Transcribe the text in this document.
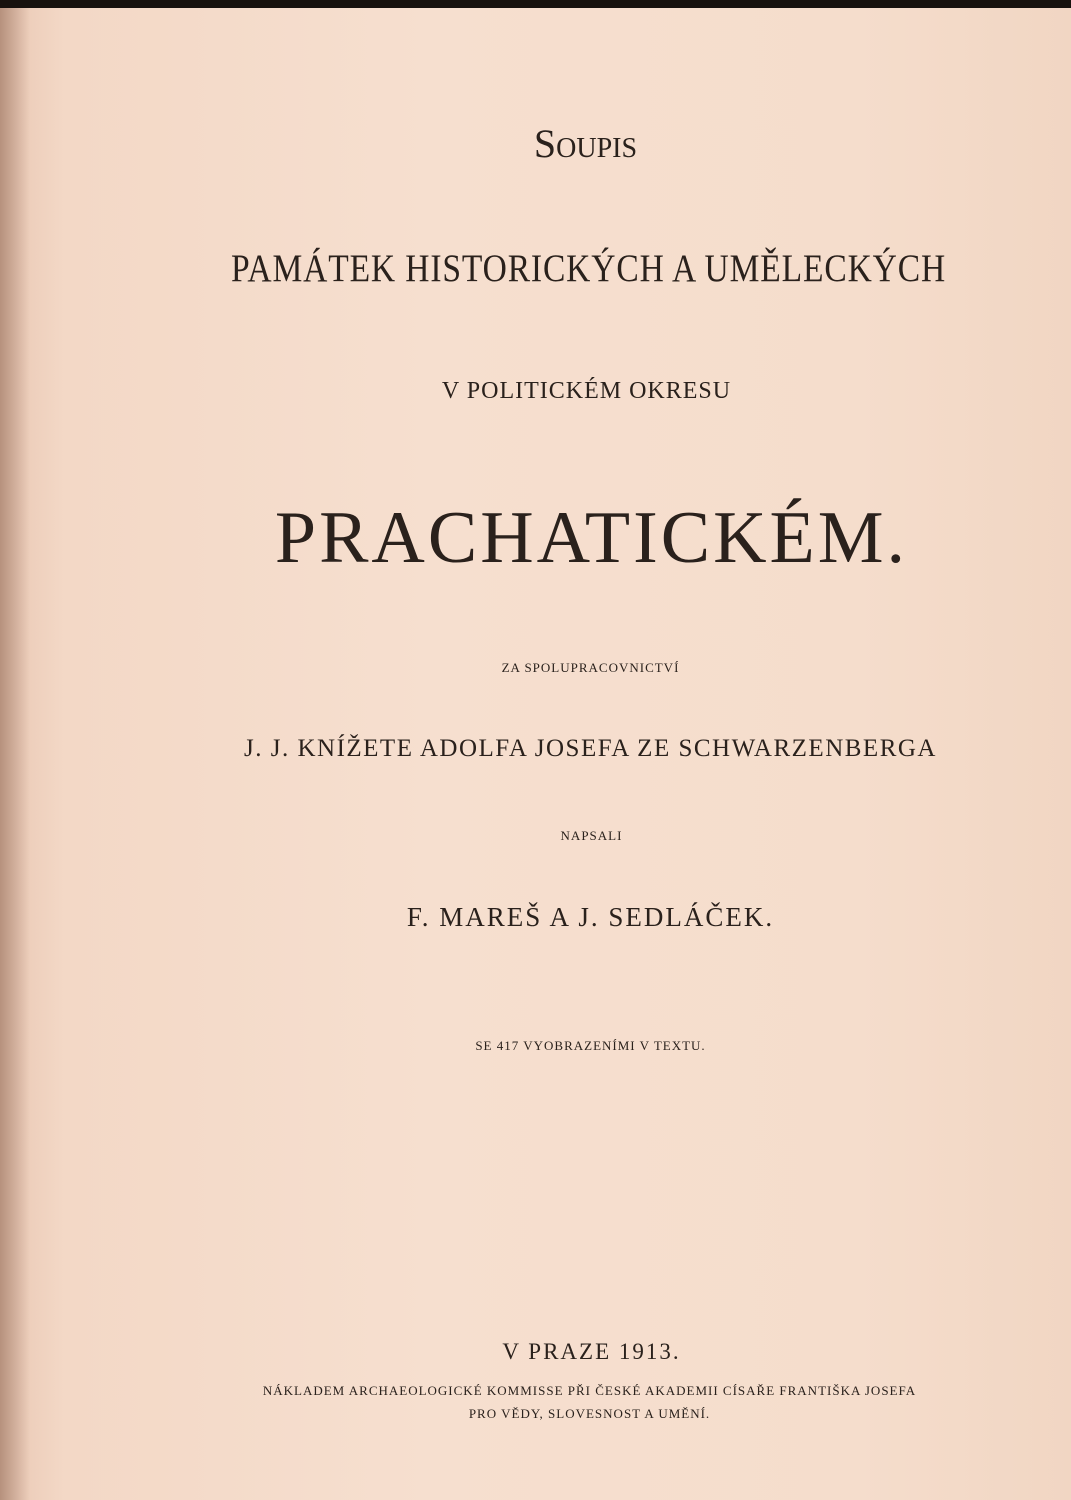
Soupis
PAMÁTEK HISTORICKÝCH A UMĚLECKÝCH
V POLITICKÉM OKRESU
PRACHATICKÉM.
ZA SPOLUPRACOVNICTVÍ
J. J. KNÍŽETE ADOLFA JOSEFA ZE SCHWARZENBERGA
NAPSALI
F. MAREŠ A J. SEDLÁČEK.
SE 417 VYOBRAZENÍMI V TEXTU.
V PRAZE 1913.
NÁKLADEM ARCHAEOLOGICKÉ KOMMISSE PŘI ČESKÉ AKADEMII CÍSAŘE FRANTIŠKA JOSEFA
PRO VĚDY, SLOVESNOST A UMĚNÍ.
